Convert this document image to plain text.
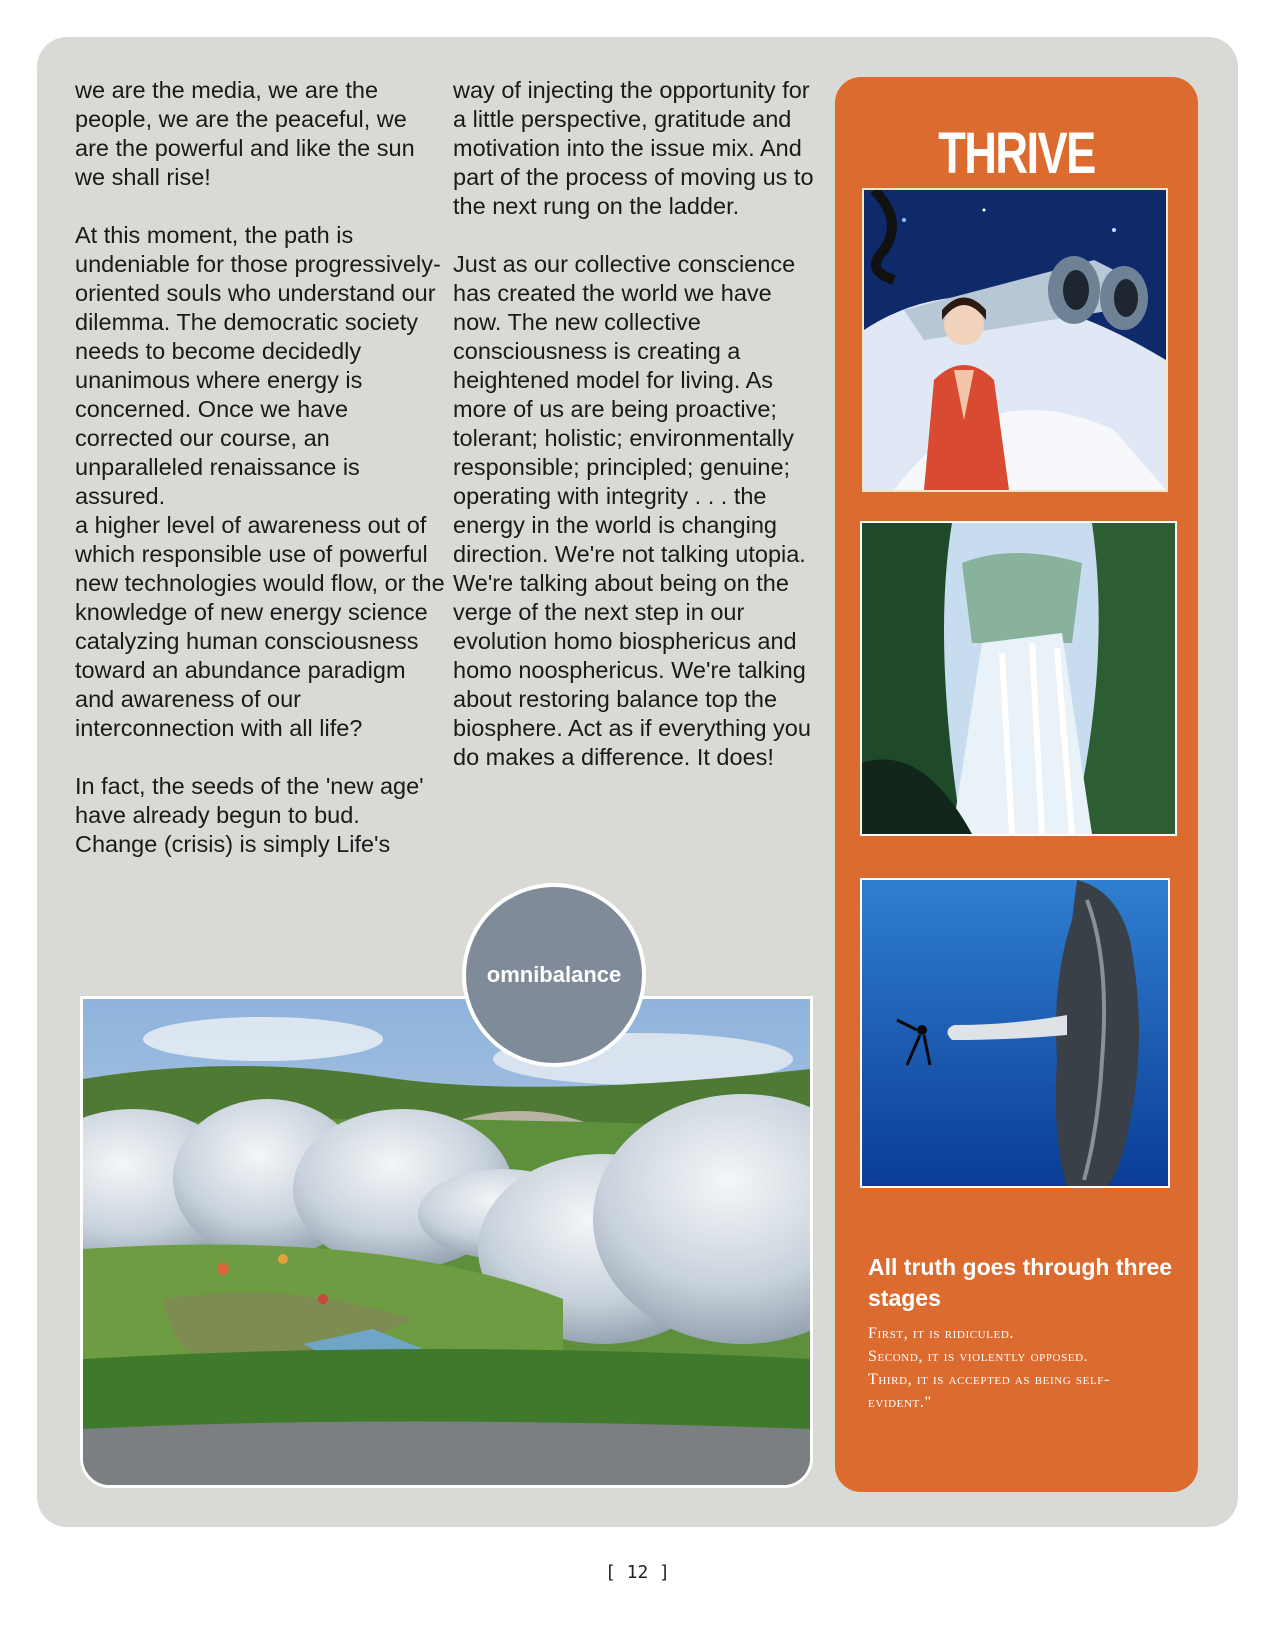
we are the media, we are the people, we are the peaceful, we are the powerful and like the sun we shall rise!

At this moment, the path is undeniable for those progressively-oriented souls who understand our dilemma. The democratic society needs to become decidedly unanimous where energy is concerned. Once we have corrected our course, an unparalleled renaissance is assured.

a higher level of awareness out of which responsible use of powerful new technologies would flow, or the knowledge of new energy science catalyzing human consciousness toward an abundance paradigm and awareness of our interconnection with all life?

In fact, the seeds of the 'new age' have already begun to bud. Change (crisis) is simply Life's

way of injecting the opportunity for a little perspective, gratitude and motivation into the issue mix. And part of the process of moving us to the next rung on the ladder.

Just as our collective conscience has created the world we have now. The new collective consciousness is creating a heightened model for living. As more of us are being proactive; tolerant; holistic; environmentally responsible; principled; genuine; operating with integrity . . . the energy in the world is changing direction. We're not talking utopia. We're talking about being on the verge of the next step in our evolution homo biosphericus and homo noosphericus. We're talking about restoring balance top the biosphere. Act as if everything you do makes a difference. It does!

omnibalance
THRIVE
All truth goes through three stages
First, it is ridiculed.
Second, it is violently opposed.
Third, it is accepted as being self-evident."
[ 12 ]
